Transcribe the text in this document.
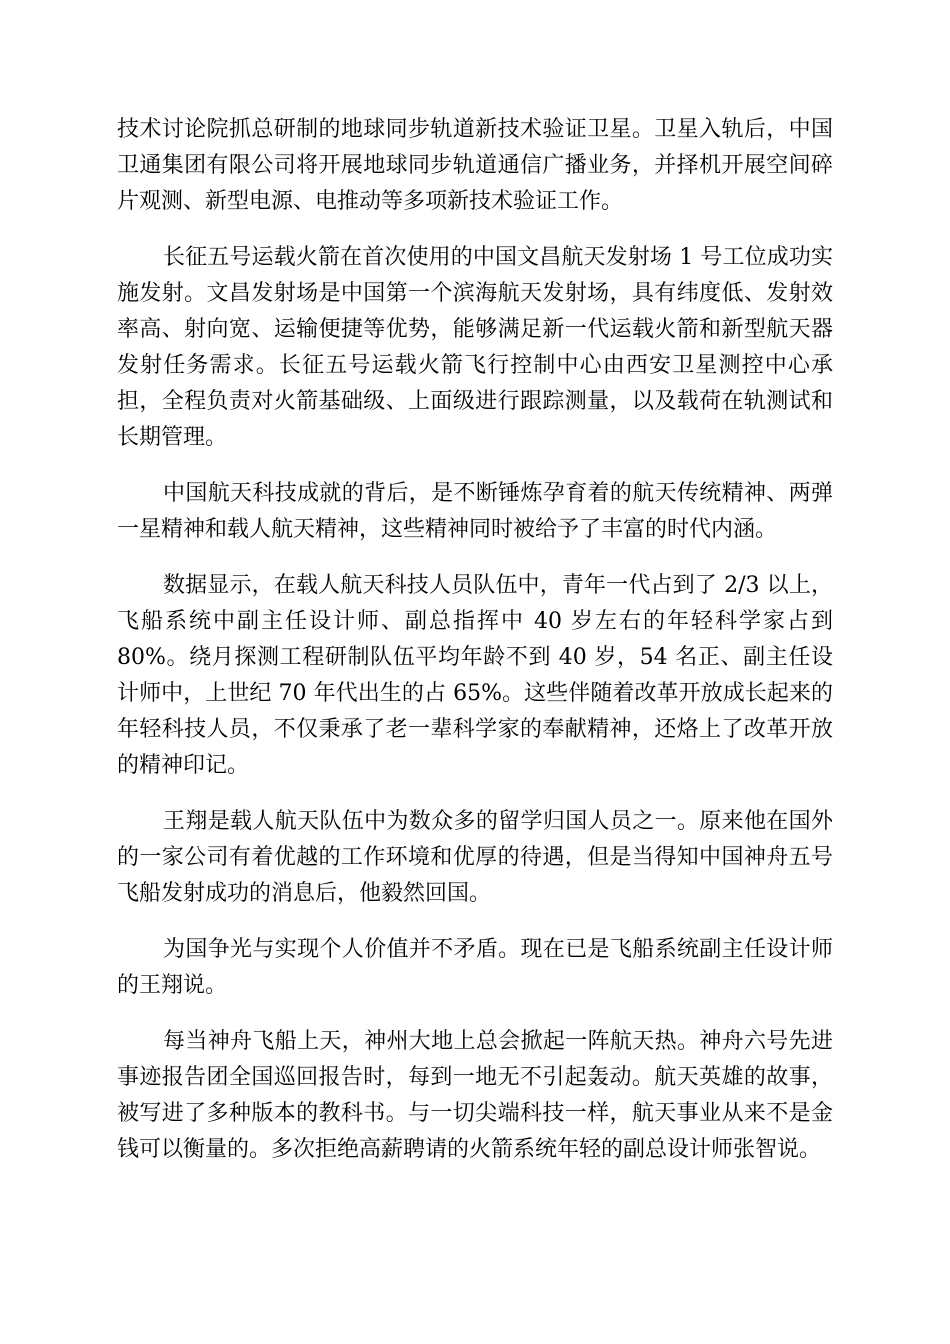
技术讨论院抓总研制的地球同步轨道新技术验证卫星。卫星入轨后，中国卫通集团有限公司将开展地球同步轨道通信广播业务，并择机开展空间碎片观测、新型电源、电推动等多项新技术验证工作。

长征五号运载火箭在首次使用的中国文昌航天发射场 1 号工位成功实施发射。文昌发射场是中国第一个滨海航天发射场，具有纬度低、发射效率高、射向宽、运输便捷等优势，能够满足新一代运载火箭和新型航天器发射任务需求。长征五号运载火箭飞行控制中心由西安卫星测控中心承担，全程负责对火箭基础级、上面级进行跟踪测量，以及载荷在轨测试和长期管理。

中国航天科技成就的背后，是不断锤炼孕育着的航天传统精神、两弹一星精神和载人航天精神，这些精神同时被给予了丰富的时代内涵。

数据显示，在载人航天科技人员队伍中，青年一代占到了 2/3 以上，飞船系统中副主任设计师、副总指挥中 40 岁左右的年轻科学家占到 80%。绕月探测工程研制队伍平均年龄不到 40 岁，54 名正、副主任设计师中，上世纪 70 年代出生的占 65%。这些伴随着改革开放成长起来的年轻科技人员，不仅秉承了老一辈科学家的奉献精神，还烙上了改革开放的精神印记。

王翔是载人航天队伍中为数众多的留学归国人员之一。原来他在国外的一家公司有着优越的工作环境和优厚的待遇，但是当得知中国神舟五号飞船发射成功的消息后，他毅然回国。

为国争光与实现个人价值并不矛盾。现在已是飞船系统副主任设计师的王翔说。

每当神舟飞船上天，神州大地上总会掀起一阵航天热。神舟六号先进事迹报告团全国巡回报告时，每到一地无不引起轰动。航天英雄的故事，被写进了多种版本的教科书。与一切尖端科技一样，航天事业从来不是金钱可以衡量的。多次拒绝高薪聘请的火箭系统年轻的副总设计师张智说。
